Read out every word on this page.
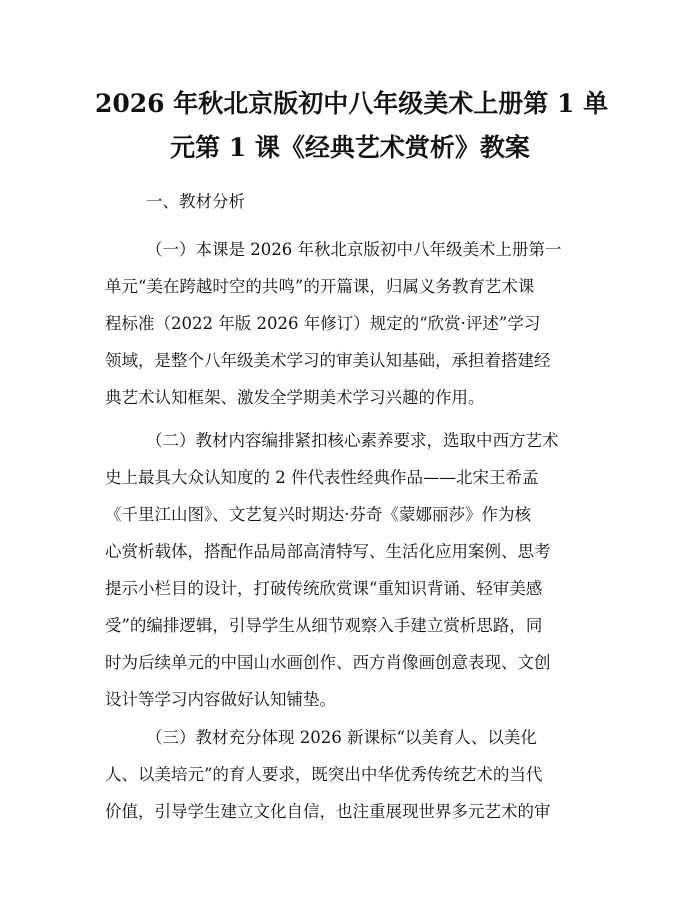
2026 年秋北京版初中八年级美术上册第 1 单
元第 1 课《经典艺术赏析》教案
一、教材分析
（一）本课是 2026 年秋北京版初中八年级美术上册第一
单元“美在跨越时空的共鸣”的开篇课，归属义务教育艺术课
程标准（2022 年版 2026 年修订）规定的“欣赏·评述”学习
领域，是整个八年级美术学习的审美认知基础，承担着搭建经
典艺术认知框架、激发全学期美术学习兴趣的作用。
（二）教材内容编排紧扣核心素养要求，选取中西方艺术
史上最具大众认知度的 2 件代表性经典作品——北宋王希孟
《千里江山图》、文艺复兴时期达·芬奇《蒙娜丽莎》作为核
心赏析载体，搭配作品局部高清特写、生活化应用案例、思考
提示小栏目的设计，打破传统欣赏课“重知识背诵、轻审美感
受”的编排逻辑，引导学生从细节观察入手建立赏析思路，同
时为后续单元的中国山水画创作、西方肖像画创意表现、文创
设计等学习内容做好认知铺垫。
（三）教材充分体现 2026 新课标“以美育人、以美化
人、以美培元”的育人要求，既突出中华优秀传统艺术的当代
价值，引导学生建立文化自信，也注重展现世界多元艺术的审
